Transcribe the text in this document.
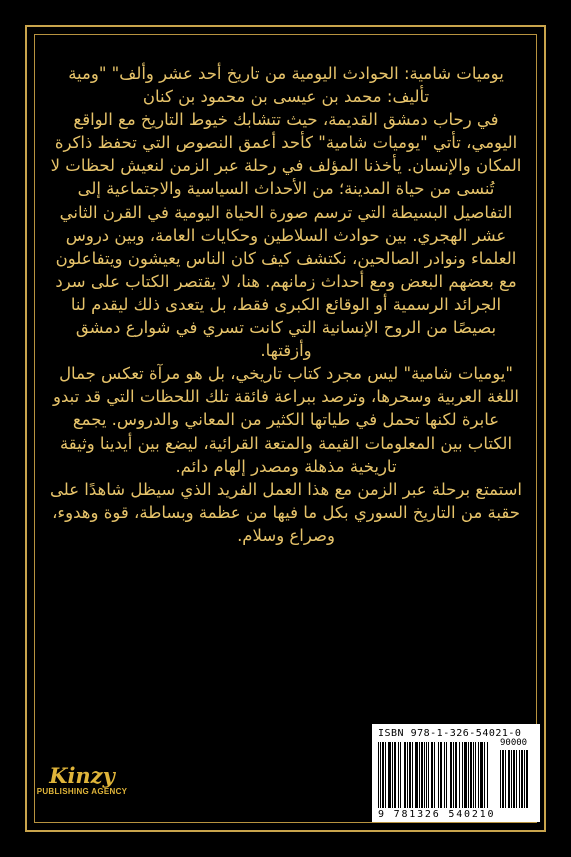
يوميات شامية: الحوادث اليومية من تاريخ أحد عشر وألف" "ومية
تأليف: محمد بن عيسى بن محمود بن كنان

في رحاب دمشق القديمة، حيث تتشابك خيوط التاريخ مع الواقع اليومي، تأتي "يوميات شامية" كأحد أعمق النصوص التي تحفظ ذاكرة المكان والإنسان. يأخذنا المؤلف في رحلة عبر الزمن لنعيش لحظات لا تُنسى من حياة المدينة؛ من الأحداث السياسية والاجتماعية إلى التفاصيل البسيطة التي ترسم صورة الحياة اليومية في القرن الثاني عشر الهجري. بين حوادث السلاطين وحكايات العامة، وبين دروس العلماء ونوادر الصالحين، نكتشف كيف كان الناس يعيشون ويتفاعلون مع بعضهم البعض ومع أحداث زمانهم. هنا، لا يقتصر الكتاب على سرد الجرائد الرسمية أو الوقائع الكبرى فقط، بل يتعدى ذلك ليقدم لنا بصيصًا من الروح الإنسانية التي كانت تسري في شوارع دمشق وأزقتها.

"يوميات شامية" ليس مجرد كتاب تاريخي، بل هو مرآة تعكس جمال اللغة العربية وسحرها، وترصد ببراعة فائقة تلك اللحظات التي قد تبدو عابرة لكنها تحمل في طياتها الكثير من المعاني والدروس. يجمع الكتاب بين المعلومات القيمة والمتعة القرائية، ليضع بين أيدينا وثيقة تاريخية مذهلة ومصدر إلهام دائم.

استمتع برحلة عبر الزمن مع هذا العمل الفريد الذي سيظل شاهدًا على حقبة من التاريخ السوري بكل ما فيها من عظمة وبساطة، قوة وهدوء، وصراع وسلام.

Kinzy
PUBLISHING AGENCY
ISBN 978-1-326-54021-0
90000
9 781326 540210
